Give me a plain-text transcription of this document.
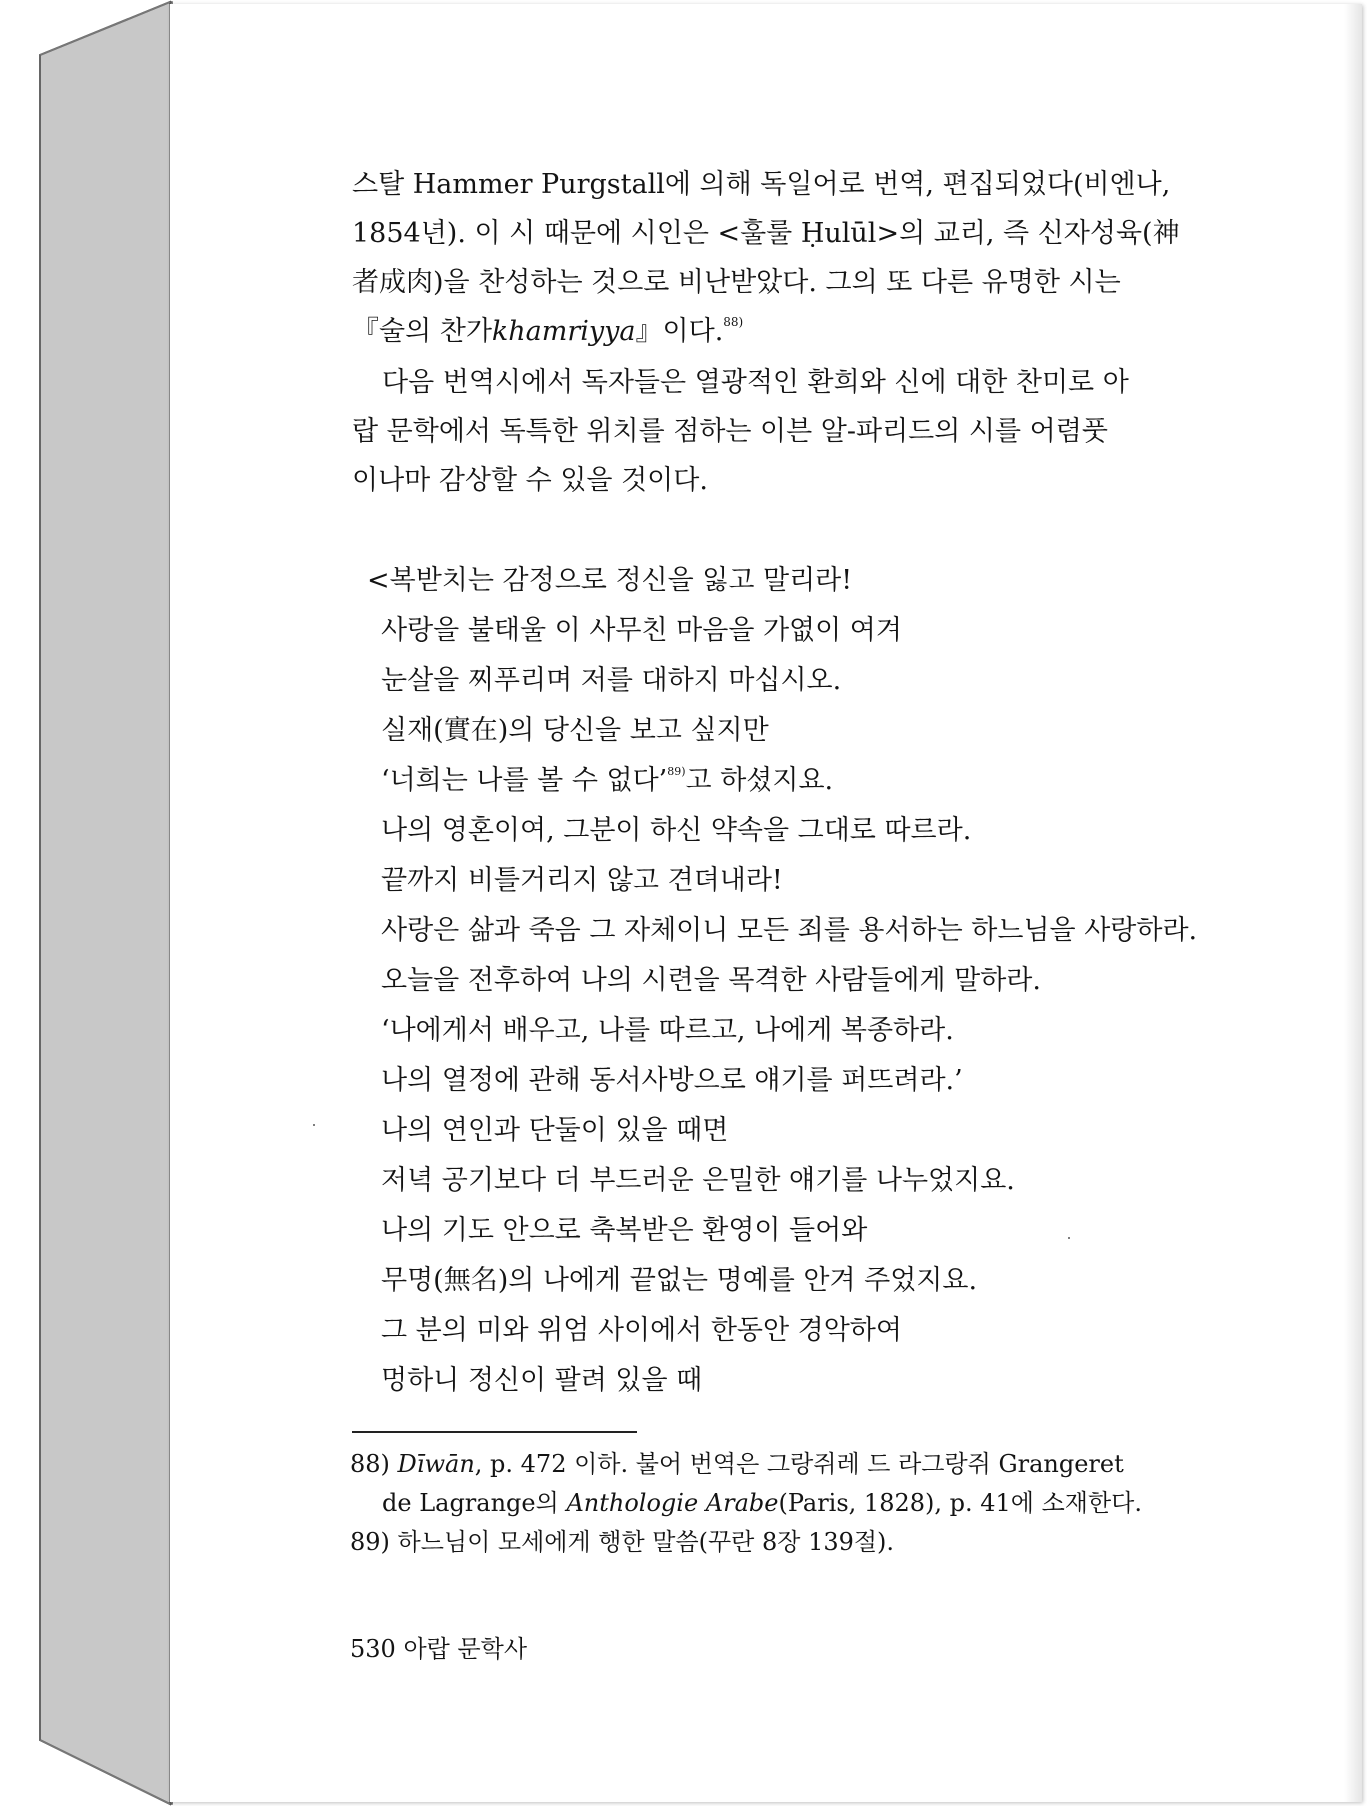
스탈 Hammer Purgstall에 의해 독일어로 번역, 편집되었다(비엔나,
1854년). 이 시 때문에 시인은 <훌룰 Ḥulūl>의 교리, 즉 신자성육(神
者成肉)을 찬성하는 것으로 비난받았다. 그의 또 다른 유명한 시는
『술의 찬가khamriyya』이다.$^{88)}$

다음 번역시에서 독자들은 열광적인 환희와 신에 대한 찬미로 아
랍 문학에서 독특한 위치를 점하는 이븐 알-파리드의 시를 어렴풋
이나마 감상할 수 있을 것이다.

<복받치는 감정으로 정신을 잃고 말리라!
사랑을 불태울 이 사무친 마음을 가엾이 여겨
눈살을 찌푸리며 저를 대하지 마십시오.
실재(實在)의 당신을 보고 싶지만
‘너희는 나를 볼 수 없다’$^{89)}$고 하셨지요.
나의 영혼이여, 그분이 하신 약속을 그대로 따르라.
끝까지 비틀거리지 않고 견뎌내라!
사랑은 삶과 죽음 그 자체이니 모든 죄를 용서하는 하느님을 사랑하라.
오늘을 전후하여 나의 시련을 목격한 사람들에게 말하라.
‘나에게서 배우고, 나를 따르고, 나에게 복종하라.
나의 열정에 관해 동서사방으로 얘기를 퍼뜨려라.’
나의 연인과 단둘이 있을 때면
저녁 공기보다 더 부드러운 은밀한 얘기를 나누었지요.
나의 기도 안으로 축복받은 환영이 들어와
무명(無名)의 나에게 끝없는 명예를 안겨 주었지요.
그 분의 미와 위엄 사이에서 한동안 경악하여
멍하니 정신이 팔려 있을 때

88) Dīwān, p. 472 이하. 불어 번역은 그랑쥐레 드 라그랑쥐 Grangeret
de Lagrange의 Anthologie Arabe(Paris, 1828), p. 41에 소재한다.

89) 하느님이 모세에게 행한 말씀(꾸란 8장 139절).

530 아랍 문학사
